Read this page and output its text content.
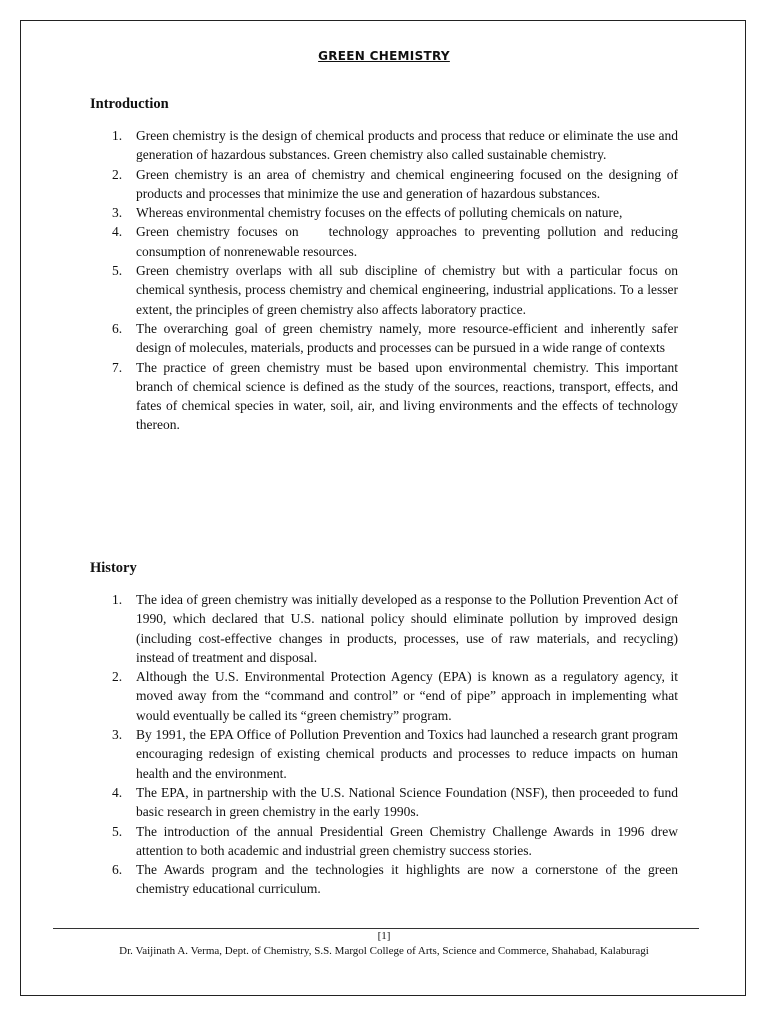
GREEN CHEMISTRY
Introduction
1. Green chemistry is the design of chemical products and process that reduce or eliminate the use and generation of hazardous substances. Green chemistry also called sustainable chemistry.
2. Green chemistry is an area of chemistry and chemical engineering focused on the designing of products and processes that minimize the use and generation of hazardous substances.
3. Whereas environmental chemistry focuses on the effects of polluting chemicals on nature,
4. Green chemistry focuses on    technology approaches to preventing pollution and reducing consumption of nonrenewable resources.
5. Green chemistry overlaps with all sub discipline of chemistry but with a particular focus on chemical synthesis, process chemistry and chemical engineering, industrial applications. To a lesser extent, the principles of green chemistry also affects laboratory practice.
6. The overarching goal of green chemistry namely, more resource-efficient and inherently safer design of molecules, materials, products and processes can be pursued in a wide range of contexts
7. The practice of green chemistry must be based upon environmental chemistry. This important branch of chemical science is defined as the study of the sources, reactions, transport, effects, and fates of chemical species in water, soil, air, and living environments and the effects of technology thereon.
History
1. The idea of green chemistry was initially developed as a response to the Pollution Prevention Act of 1990, which declared that U.S. national policy should eliminate pollution by improved design (including cost-effective changes in products, processes, use of raw materials, and recycling) instead of treatment and disposal.
2. Although the U.S. Environmental Protection Agency (EPA) is known as a regulatory agency, it moved away from the “command and control” or “end of pipe” approach in implementing what would eventually be called its “green chemistry” program.
3. By 1991, the EPA Office of Pollution Prevention and Toxics had launched a research grant program encouraging redesign of existing chemical products and processes to reduce impacts on human health and the environment.
4. The EPA, in partnership with the U.S. National Science Foundation (NSF), then proceeded to fund basic research in green chemistry in the early 1990s.
5. The introduction of the annual Presidential Green Chemistry Challenge Awards in 1996 drew attention to both academic and industrial green chemistry success stories.
6. The Awards program and the technologies it highlights are now a cornerstone of the green chemistry educational curriculum.
[1]
Dr. Vaijinath A. Verma, Dept. of Chemistry, S.S. Margol College of Arts, Science and Commerce, Shahabad, Kalaburagi
